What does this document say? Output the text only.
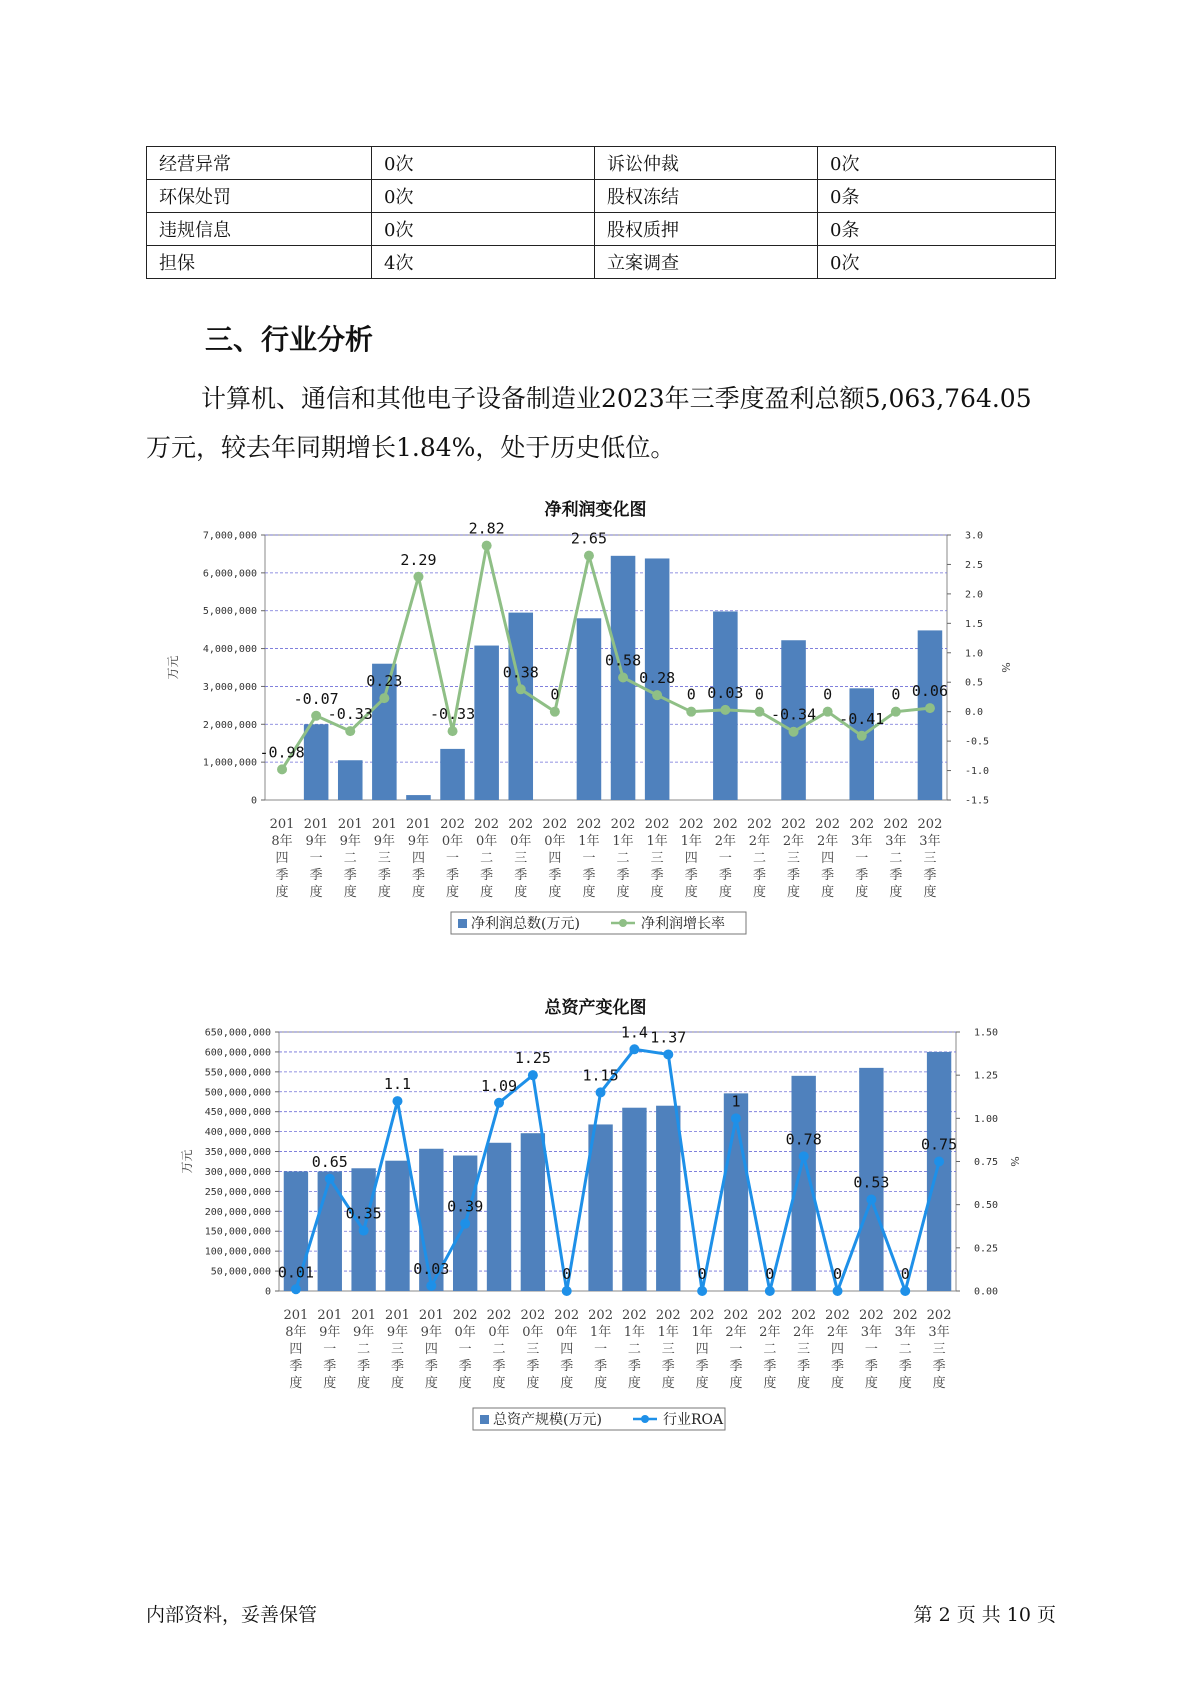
经营异常	0次	诉讼仲裁	0次
环保处罚	0次	股权冻结	0条
违规信息	0次	股权质押	0条
担保	4次	立案调查	0次
三、行业分析

计算机、通信和其他电子设备制造业2023年三季度盈利总额5,063,764.05万元，较去年同期增长1.84%，处于历史低位。

净利润变化图
0
1,000,000
2,000,000
3,000,000
4,000,000
5,000,000
6,000,000
7,000,000
-1.5
-1.0
-0.5
0.0
0.5
1.0
1.5
2.0
2.5
3.0
万元	%
201 8年四季度
201 9年一季度
201 9年二季度
201 9年三季度
201 9年四季度
202 0年一季度
202 0年二季度
202 0年三季度
202 0年四季度
202 1年一季度
202 1年二季度
202 1年三季度
202 1年四季度
202 2年一季度
202 2年二季度
202 2年三季度
202 2年四季度
202 3年一季度
202 3年二季度
202 3年三季度
-0.98
-0.07
-0.33
0.23
2.29
-0.33
2.82
0.38
0
2.65
0.58
0.28
0 0.03 0
-0.34
0
-0.41
0 0.06
净利润总数(万元)	净利润增长率
总资产变化图
0
50,000,000
100,000,000
150,000,000
200,000,000
250,000,000
300,000,000
350,000,000
400,000,000
450,000,000
500,000,000
550,000,000
600,000,000
650,000,000
0.00
0.25
0.50
0.75
1.00
1.25
1.50
万元	%
201 8年四季度
201 9年一季度
201 9年二季度
201 9年三季度
201 9年四季度
202 0年一季度
202 0年二季度
202 0年三季度
202 0年四季度
202 1年一季度
202 1年二季度
202 1年三季度
202 1年四季度
202 2年一季度
202 2年二季度
202 2年三季度
202 2年四季度
202 3年一季度
202 3年二季度
202 3年三季度
0.01
0.65
0.35
1.1
0.03
0.39
1.09
1.25
0
1.15
1.4 1.37
0
1
0
0.78
0
0.53
0
0.75
总资产规模(万元)	行业ROA
内部资料，妥善保管	第 2 页 共 10 页
